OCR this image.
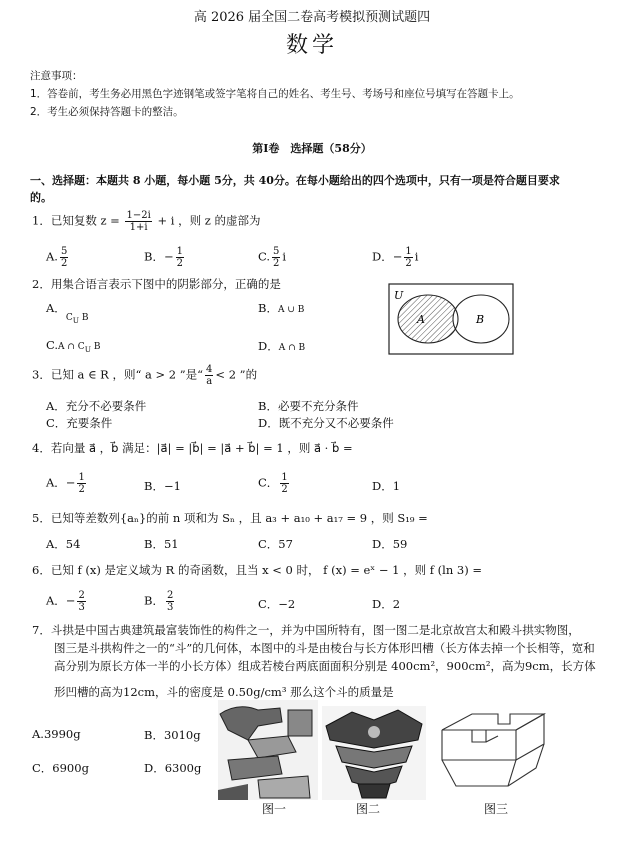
高 2026 届全国二卷高考模拟预测试题四
数学
注意事项：
1．答卷前，考生务必用黑色字迹钢笔或签字笔将自己的姓名、考生号、考场号和座位号填写在答题卡上。
2．考生必须保持答题卡的整洁。
第Ⅰ卷　选择题（58分）
一、选择题：本题共 8 小题，每小题 5分，共 40分。在每小题给出的四个选项中，只有一项是符合题目要求
的。
1．已知复数 $z = \frac{1-2i}{1+i} + i$ ，则 z 的虚部为
A. $\frac{5}{2}$	B．− $\frac{1}{2}$	C. $\frac{5}{2}$ i	D．− $\frac{1}{2}$ i
2．用集合语言表示下图中的阴影部分，正确的是
A．$_{C_U B}$
B．A ∪ B
C.A ∩ $C_U$ B	D．A ∩ B
U
A	B
3．已知 a ∈ R ，则“ a > 2 ”是“ $\frac{4}{a} < 2$ ”的
A．充分不必要条件	B．必要不充分条件
C．充要条件	D．既不充分又不必要条件
4．若向量 a⃗ ，b⃗ 满足：|a⃗| = |b⃗| = |a⃗ + b⃗| = 1 ，则 a⃗ · b⃗ =
A．− $\frac{1}{2}$	B．−1	C． $\frac{1}{2}$	D．1
5．已知等差数列{aₙ}的前 n 项和为 Sₙ ，且 a₃ + a₁₀ + a₁₇ = 9 ，则 S₁₉ =
A．54	B．51	C．57	D．59
6．已知 f (x) 是定义域为 R 的奇函数，且当 x < 0 时， f (x) = eˣ − 1 ，则 f (ln 3) =
A．− $\frac{2}{3}$	B． $\frac{2}{3}$	C．−2	D．2
7．斗拱是中国古典建筑最富装饰性的构件之一，并为中国所特有，图一图二是北京故宫太和殿斗拱实物图，
图三是斗拱构件之一的“斗”的几何体，本图中的斗是由棱台与长方体形凹槽（长方体去掉一个长相等，宽和
高分别为原长方体一半的小长方体）组成若棱台两底面面积分别是 400cm²，900cm²，高为9cm，长方体
形凹槽的高为12cm，斗的密度是 0.50g/cm³ 那么这个斗的质量是
A.3990g	B．3010g
C．6900g	D．6300g
图一	图二	图三
